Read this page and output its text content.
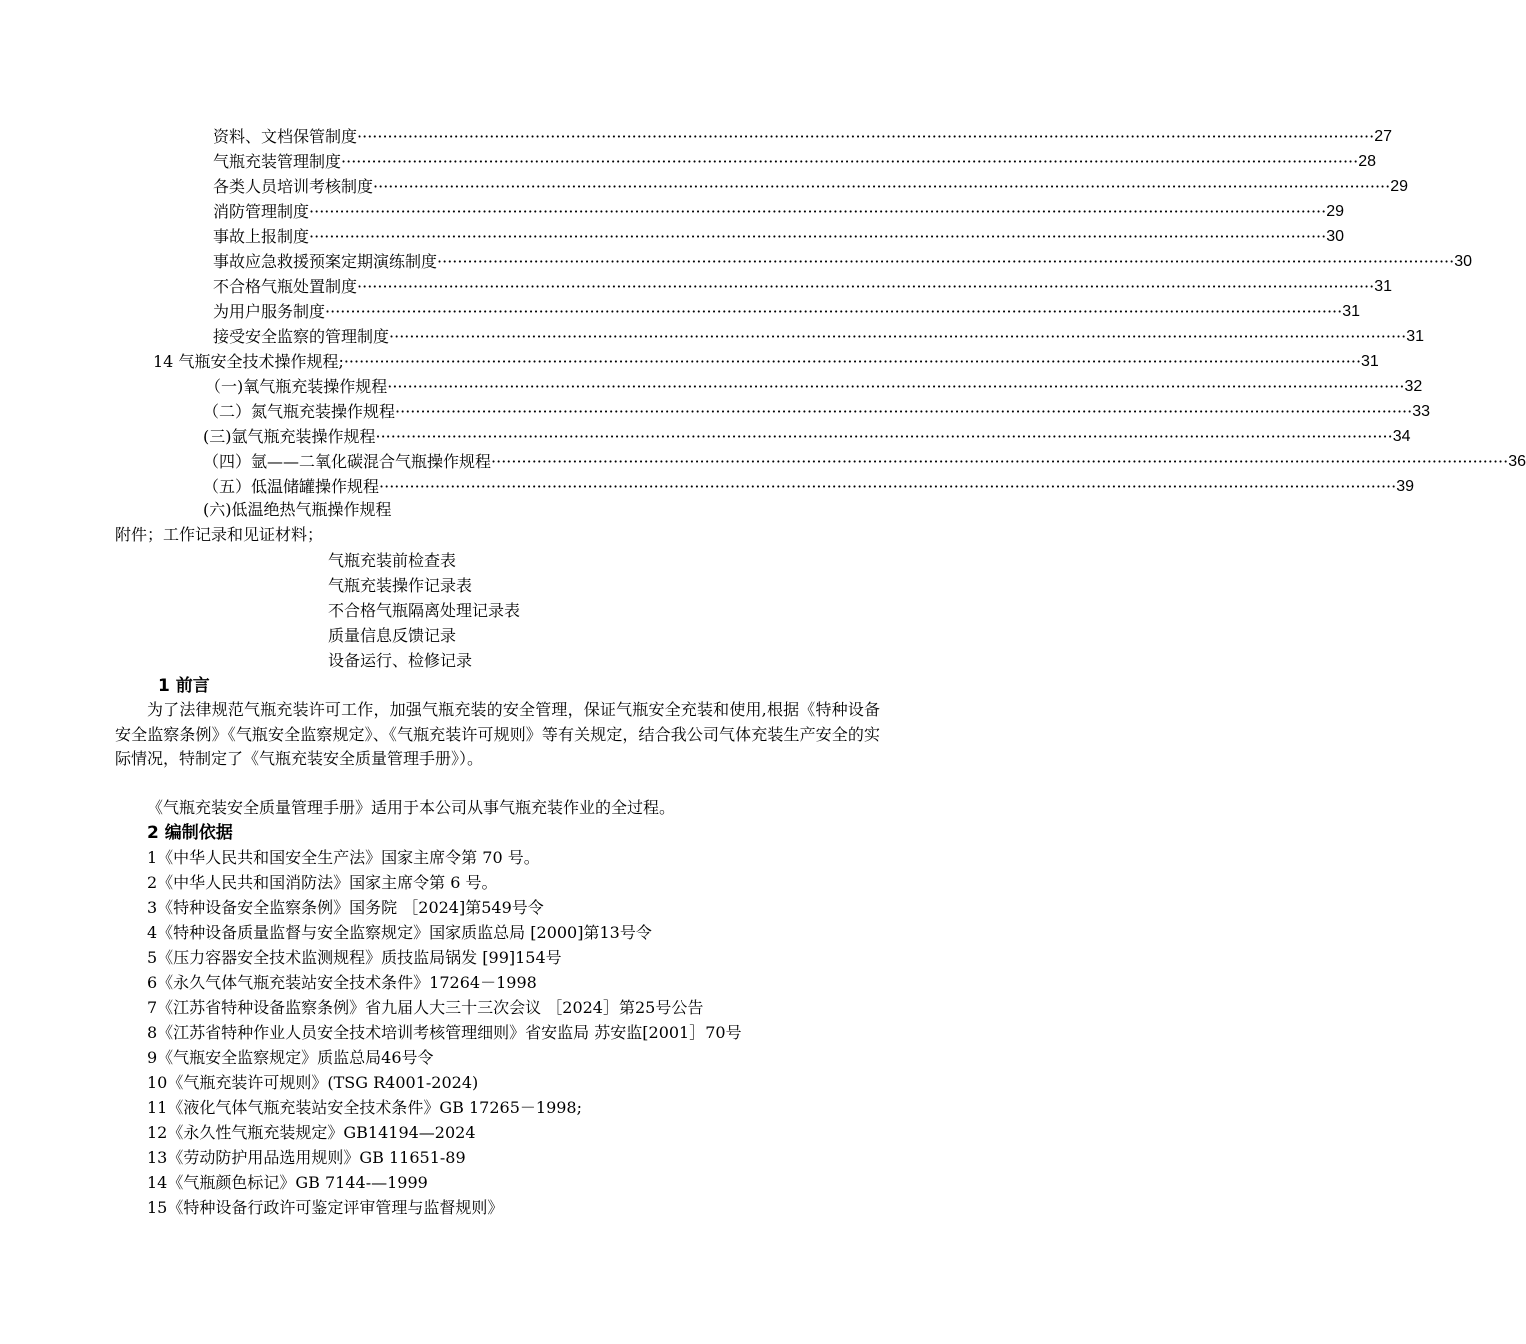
资料、文档保管制度 ········································································································································································································ 27
气瓶充装管理制度 ········································································································································································································ 28
各类人员培训考核制度 ········································································································································································································ 29
消防管理制度 ········································································································································································································ 29
事故上报制度 ········································································································································································································ 30
事故应急救援预案定期演练制度 ········································································································································································································ 30
不合格气瓶处置制度 ········································································································································································································ 31
为用户服务制度 ········································································································································································································ 31
接受安全监察的管理制度 ········································································································································································································ 31
14 气瓶安全技术操作规程; ········································································································································································································ 31
（一)氧气瓶充装操作规程 ········································································································································································································ 32
（二）氮气瓶充装操作规程 ········································································································································································································ 33
(三)氩气瓶充装操作规程 ········································································································································································································ 34
（四）氩——二氧化碳混合气瓶操作规程 ········································································································································································································ 36
（五）低温储罐操作规程 ········································································································································································································ 39
(六)低温绝热气瓶操作规程
附件；工作记录和见证材料；
气瓶充装前检查表
气瓶充装操作记录表
不合格气瓶隔离处理记录表
质量信息反馈记录
设备运行、检修记录
1 前言
为了法律规范气瓶充装许可工作，加强气瓶充装的安全管理，保证气瓶安全充装和使用,根据《特种设备安全监察条例》《气瓶安全监察规定》、《气瓶充装许可规则》等有关规定，结合我公司气体充装生产安全的实际情况，特制定了《气瓶充装安全质量管理手册》）。
《气瓶充装安全质量管理手册》适用于本公司从事气瓶充装作业的全过程。
2 编制依据
1《中华人民共和国安全生产法》国家主席令第 70 号。
2《中华人民共和国消防法》国家主席令第 6 号。
3《特种设备安全监察条例》国务院 ［2024]第549号令
4《特种设备质量监督与安全监察规定》国家质监总局 [2000]第13号令
5《压力容器安全技术监测规程》质技监局锅发 [99]154号
6《永久气体气瓶充装站安全技术条件》17264－1998
7《江苏省特种设备监察条例》省九届人大三十三次会议 ［2024］第25号公告
8《江苏省特种作业人员安全技术培训考核管理细则》省安监局 苏安监[2001］70号
9《气瓶安全监察规定》质监总局46号令
10《气瓶充装许可规则》(TSG R4001-2024)
11《液化气体气瓶充装站安全技术条件》GB 17265－1998;
12《永久性气瓶充装规定》GB14194—2024
13《劳动防护用品选用规则》GB 11651-89
14《气瓶颜色标记》GB 7144-—1999
15《特种设备行政许可鉴定评审管理与监督规则》
